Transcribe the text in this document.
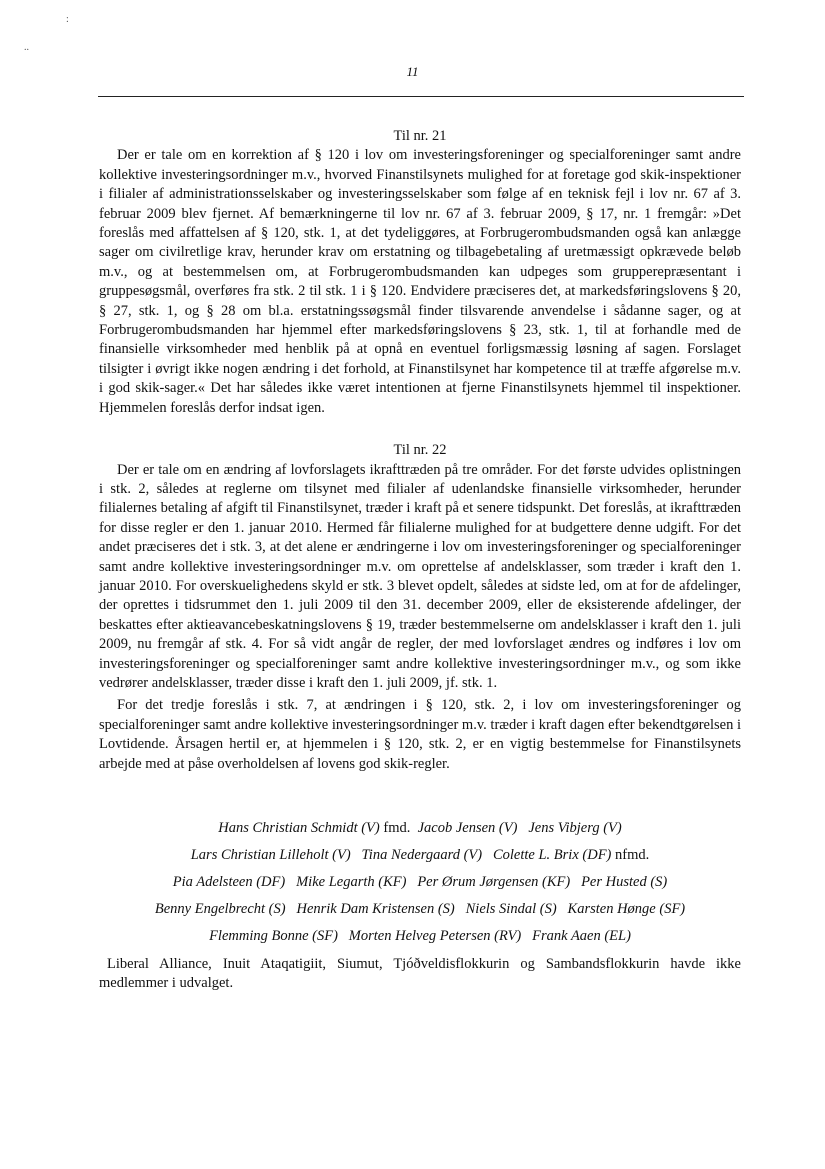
:
..
11
Til nr. 21

Der er tale om en korrektion af § 120 i lov om investeringsforeninger og specialforeninger samt andre kollektive investeringsordninger m.v., hvorved Finanstilsynets mulighed for at foretage god skik-inspektioner i filialer af administrationsselskaber og investeringsselskaber som følge af en teknisk fejl i lov nr. 67 af 3. februar 2009 blev fjernet. Af bemærkningerne til lov nr. 67 af 3. februar 2009, § 17, nr. 1 fremgår: »Det foreslås med affattelsen af § 120, stk. 1, at det tydeliggøres, at Forbrugerombudsmanden også kan anlægge sager om civilretlige krav, herunder krav om erstatning og tilbagebetaling af uretmæssigt opkrævede beløb m.v., og at bestemmelsen om, at Forbrugerombudsmanden kan udpeges som grupperepræsentant i gruppesøgsmål, overføres fra stk. 2 til stk. 1 i § 120. Endvidere præciseres det, at markedsføringslovens § 20, § 27, stk. 1, og § 28 om bl.a. erstatningssøgsmål finder tilsvarende anvendelse i sådanne sager, og at Forbrugerombudsmanden har hjemmel efter markedsføringslovens § 23, stk. 1, til at forhandle med de finansielle virksomheder med henblik på at opnå en eventuel forligsmæssig løsning af sagen. Forslaget tilsigter i øvrigt ikke nogen ændring i det forhold, at Finanstilsynet har kompetence til at træffe afgørelse m.v. i god skik-sager.« Det har således ikke været intentionen at fjerne Finanstilsynets hjemmel til inspektioner. Hjemmelen foreslås derfor indsat igen.

Til nr. 22

Der er tale om en ændring af lovforslagets ikrafttræden på tre områder. For det første udvides oplistningen i stk. 2, således at reglerne om tilsynet med filialer af udenlandske finansielle virksomheder, herunder filialernes betaling af afgift til Finanstilsynet, træder i kraft på et senere tidspunkt. Det foreslås, at ikrafttræden for disse regler er den 1. januar 2010. Hermed får filialerne mulighed for at budgettere denne udgift. For det andet præciseres det i stk. 3, at det alene er ændringerne i lov om investeringsforeninger og specialforeninger samt andre kollektive investeringsordninger m.v. om oprettelse af andelsklasser, som træder i kraft den 1. januar 2010. For overskuelighedens skyld er stk. 3 blevet opdelt, således at sidste led, om at for de afdelinger, der oprettes i tidsrummet den 1. juli 2009 til den 31. december 2009, eller de eksisterende afdelinger, der beskattes efter aktieavancebeskatningslovens § 19, træder bestemmelserne om andelsklasser i kraft den 1. juli 2009, nu fremgår af stk. 4. For så vidt angår de regler, der med lovforslaget ændres og indføres i lov om investeringsforeninger og specialforeninger samt andre kollektive investeringsordninger m.v., og som ikke vedrører andelsklasser, træder disse i kraft den 1. juli 2009, jf. stk. 1.

For det tredje foreslås i stk. 7, at ændringen i § 120, stk. 2, i lov om investeringsforeninger og specialforeninger samt andre kollektive investeringsordninger m.v. træder i kraft dagen efter bekendtgørelsen i Lovtidende. Årsagen hertil er, at hjemmelen i § 120, stk. 2, er en vigtig bestemmelse for Finanstilsynets arbejde med at påse overholdelsen af lovens god skik-regler.

Hans Christian Schmidt (V) fmd. Jacob Jensen (V) Jens Vibjerg (V)
Lars Christian Lilleholt (V) Tina Nedergaard (V) Colette L. Brix (DF) nfmd.
Pia Adelsteen (DF) Mike Legarth (KF) Per Ørum Jørgensen (KF) Per Husted (S)
Benny Engelbrecht (S) Henrik Dam Kristensen (S) Niels Sindal (S) Karsten Hønge (SF)
Flemming Bonne (SF) Morten Helveg Petersen (RV) Frank Aaen (EL)

Liberal Alliance, Inuit Ataqatigiit, Siumut, Tjóðveldisflokkurin og Sambandsflokkurin havde ikke medlemmer i udvalget.
